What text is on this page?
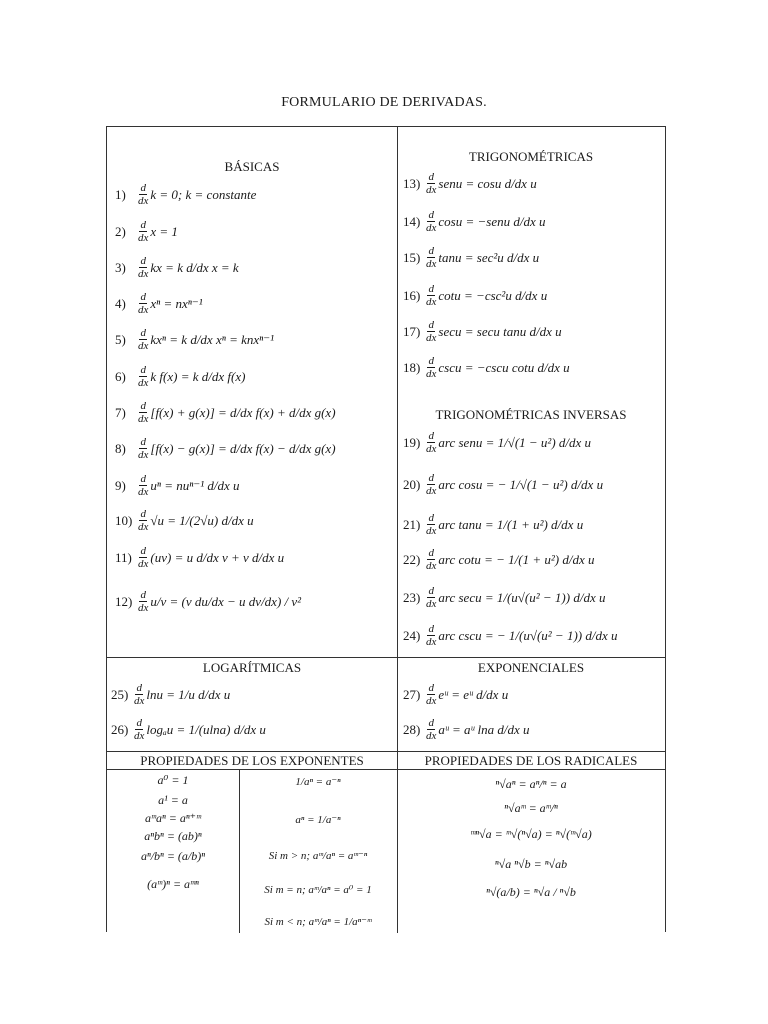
FORMULARIO DE DERIVADAS.
BÁSICAS
TRIGONOMÉTRICAS
TRIGONOMÉTRICAS INVERSAS
LOGARÍTMICAS	EXPONENCIALES
PROPIEDADES DE LOS EXPONENTES	PROPIEDADES DE LOS RADICALES
1)	d
dx k = 0; k = constante
2)	d
dx x = 1
3)	d
dx kx = k d/dx x = k
4)	d
dx xⁿ = nxⁿ⁻¹
5)	d
dx kxⁿ = k d/dx xⁿ = knxⁿ⁻¹
6)	d
dx k f(x) = k d/dx f(x)
7)	d
dx [f(x) + g(x)] = d/dx f(x) + d/dx g(x)
8)	d
dx [f(x) − g(x)] = d/dx f(x) − d/dx g(x)
9)	d
dx uⁿ = nuⁿ⁻¹ d/dx u
10) d
dx √u = 1/(2√u) d/dx u
11) d
dx (uv) = u d/dx v + v d/dx u
12) d
dx u/v = (v du/dx − u dv/dx) / v²
13) d
dx senu = cosu d/dx u
14) d
dx cosu = −senu d/dx u
15) d
dx tanu = sec²u d/dx u
16) d
dx cotu = −csc²u d/dx u
17) d
dx secu = secu tanu d/dx u
18) d
dx cscu = −cscu cotu d/dx u
19) d
dx arc senu = 1/√(1 − u²) d/dx u
20) d
dx arc cosu = − 1/√(1 − u²) d/dx u
21) d
dx arc tanu = 1/(1 + u²) d/dx u
22) d
dx arc cotu = − 1/(1 + u²) d/dx u
23) d
dx arc secu = 1/(u√(u² − 1)) d/dx u
24) d
dx arc cscu = − 1/(u√(u² − 1)) d/dx u
25) d
dx lnu = 1/u d/dx u
26) d
dx logₐu = 1/(ulna) d/dx u
27) d
dx eᵘ = eᵘ d/dx u
28) d
dx aᵘ = aᵘ lna d/dx u
a⁰ = 1
a¹ = a
aᵐaⁿ = aⁿ⁺ᵐ
aⁿbⁿ = (ab)ⁿ
aⁿ/bⁿ = (a/b)ⁿ
(aᵐ)ⁿ = aᵐⁿ
1/aⁿ = a⁻ⁿ
aⁿ = 1/a⁻ⁿ
Si m > n; aᵐ/aⁿ = aᵐ⁻ⁿ
Si m = n; aᵐ/aⁿ = a⁰ = 1
Si m < n; aᵐ/aⁿ = 1/aⁿ⁻ᵐ
ⁿ√aⁿ = aⁿ/ⁿ = a
ⁿ√aᵐ = aᵐ/ⁿ
ᵐⁿ√a = ᵐ√(ⁿ√a) = ⁿ√(ᵐ√a)
ⁿ√a ⁿ√b = ⁿ√ab
ⁿ√(a/b) = ⁿ√a / ⁿ√b
